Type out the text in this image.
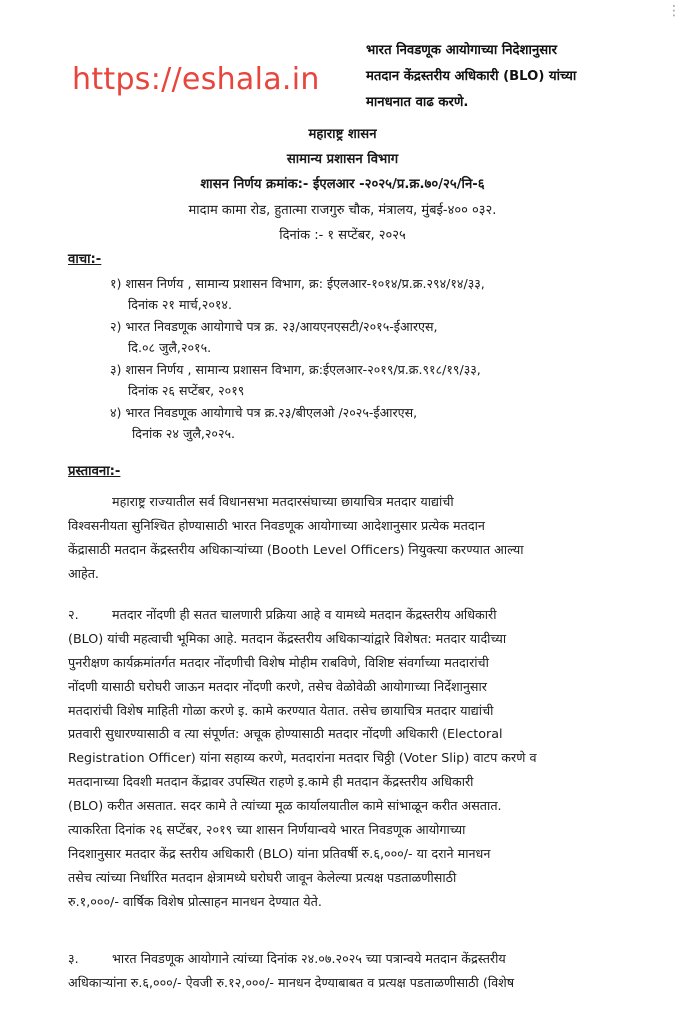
⋮
https://eshala.in
भारत निवडणूक आयोगाच्या निदेशानुसार
मतदान केंद्रस्तरीय अधिकारी (BLO) यांच्या
मानधनात वाढ करणे.
महाराष्ट्र शासन
सामान्य प्रशासन विभाग
शासन निर्णय क्रमांक:- ईएलआर -२०२५/प्र.क्र.७०/२५/नि-६
मादाम कामा रोड, हुतात्मा राजगुरु चौक, मंत्रालय, मुंबई-४०० ०३२.
दिनांक :- १ सप्टेंबर, २०२५
वाचा:-
१) शासन निर्णय , सामान्य प्रशासन विभाग, क्र: ईएलआर-१०१४/प्र.क्र.२९४/१४/३३,
दिनांक २१ मार्च,२०१४.
२) भारत निवडणूक आयोगाचे पत्र क्र. २३/आयएनएसटी/२०१५-ईआरएस,
दि.०८ जुलै,२०१५.
३) शासन निर्णय , सामान्य प्रशासन विभाग, क्र:ईएलआर-२०१९/प्र.क्र.९१८/१९/३३,
दिनांक २६ सप्टेंबर, २०१९
४) भारत निवडणूक आयोगाचे पत्र क्र.२३/बीएलओ /२०२५-ईआरएस,
दिनांक २४ जुलै,२०२५.
प्रस्तावना:-
महाराष्ट्र राज्यातील सर्व विधानसभा मतदारसंघाच्या छायाचित्र मतदार याद्यांची
विश्वसनीयता सुनिश्चित होण्यासाठी भारत निवडणूक आयोगाच्या आदेशानुसार प्रत्येक मतदान
केंद्रासाठी मतदान केंद्रस्तरीय अधिकाऱ्यांच्या (Booth Level Officers) नियुक्त्या करण्यात आल्या
आहेत.
२.	मतदार नोंदणी ही सतत चालणारी प्रक्रिया आहे व यामध्ये मतदान केंद्रस्तरीय अधिकारी
(BLO) यांची महत्वाची भूमिका आहे. मतदान केंद्रस्तरीय अधिकाऱ्यांद्वारे विशेषत: मतदार यादीच्या
पुनरीक्षण कार्यक्रमांतर्गत मतदार नोंदणीची विशेष मोहीम राबविणे, विशिष्ट संवर्गाच्या मतदारांची
नोंदणी यासाठी घरोघरी जाऊन मतदार नोंदणी करणे, तसेच वेळोवेळी आयोगाच्या निर्देशानुसार
मतदारांची विशेष माहिती गोळा करणे इ. कामे करण्यात येतात. तसेच छायाचित्र मतदार याद्यांची
प्रतवारी सुधारण्यासाठी व त्या संपूर्णत: अचूक होण्यासाठी मतदार नोंदणी अधिकारी (Electoral
Registration Officer) यांना सहाय्य करणे, मतदारांना मतदार चिठ्ठी (Voter Slip) वाटप करणे व
मतदानाच्या दिवशी मतदान केंद्रावर उपस्थित राहणे इ.कामे ही मतदान केंद्रस्तरीय अधिकारी
(BLO) करीत असतात. सदर कामे ते त्यांच्या मूळ कार्यालयातील कामे सांभाळून करीत असतात.
त्याकरिता दिनांक २६ सप्टेंबर, २०१९ च्या शासन निर्णयान्वये भारत निवडणूक आयोगाच्या
निदशानुसार मतदार केंद्र स्तरीय अधिकारी (BLO) यांना प्रतिवर्षी रु.६,०००/- या दराने मानधन
तसेच त्यांच्या निर्धारित मतदान क्षेत्रामध्ये घरोघरी जावून केलेल्या प्रत्यक्ष पडताळणीसाठी
रु.१,०००/- वार्षिक विशेष प्रोत्साहन मानधन देण्यात येते.
३.	भारत निवडणूक आयोगाने त्यांच्या दिनांक २४.०७.२०२५ च्या पत्रान्वये मतदान केंद्रस्तरीय
अधिकाऱ्यांना रु.६,०००/- ऐवजी रु.१२,०००/- मानधन देण्याबाबत व प्रत्यक्ष पडताळणीसाठी (विशेष
